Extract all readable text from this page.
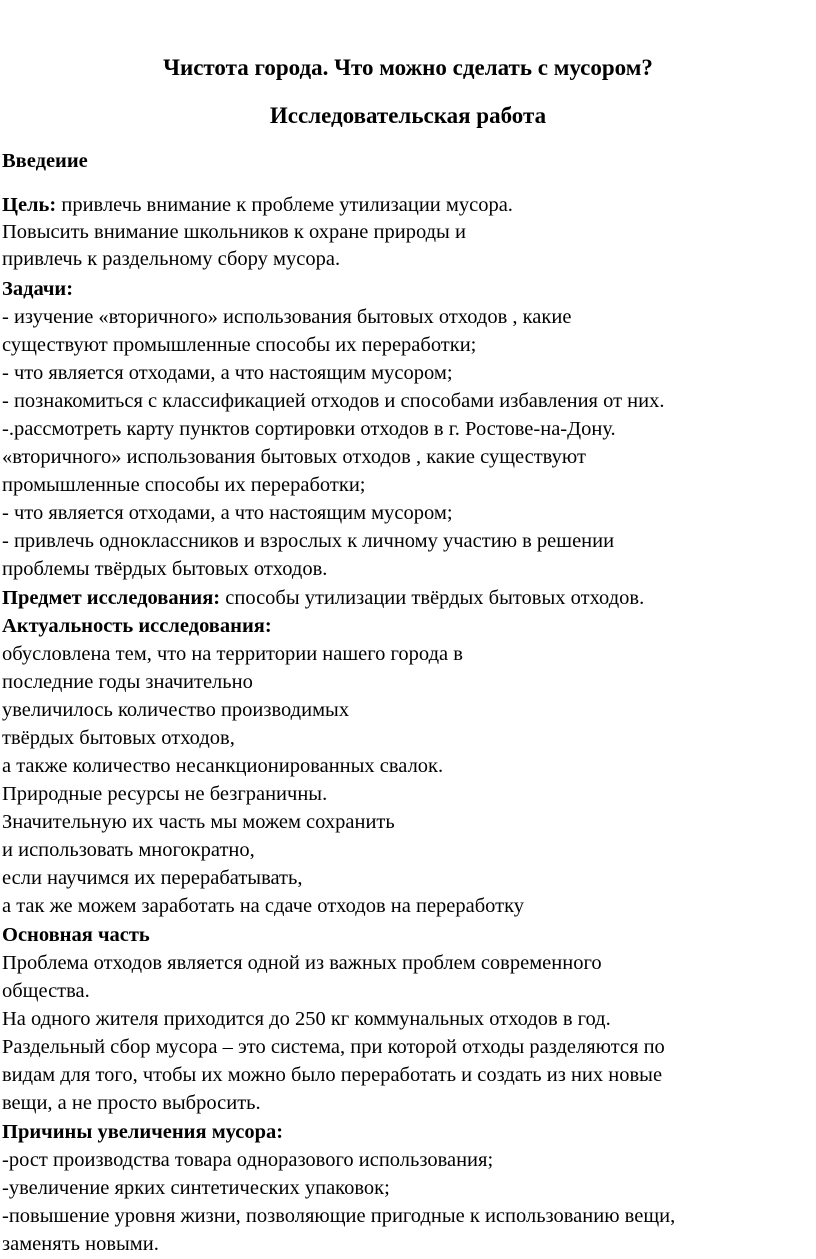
Чистота города. Что можно сделать с мусором?
Исследовательская работа
Введеиие
Цель: привлечь внимание к проблеме утилизации мусора.
Повысить внимание школьников к охране природы и
привлечь к раздельному сбору мусора.
Задачи:
- изучение «вторичного» использования бытовых отходов , какие
существуют промышленные способы их переработки;
- что является отходами, а что настоящим мусором;
- познакомиться с классификацией отходов и способами избавления от них.
-.рассмотреть карту пунктов сортировки отходов в г. Ростове-на-Дону.
«вторичного» использования бытовых отходов , какие существуют
промышленные способы их переработки;
- что является отходами, а что настоящим мусором;
- привлечь одноклассников и взрослых к личному участию в решении
проблемы твёрдых бытовых отходов.
Предмет исследования: способы утилизации твёрдых бытовых отходов.
Актуальность исследования:
обусловлена тем, что на территории нашего города в
последние годы значительно
увеличилось количество производимых
твёрдых бытовых отходов,
а также количество несанкционированных свалок.
Природные ресурсы не безграничны.
Значительную их часть мы можем сохранить
и использовать многократно,
если научимся их перерабатывать,
а так же можем заработать на сдаче отходов на переработку
Основная часть
Проблема отходов является одной из важных проблем современного
общества.
На одного жителя приходится до 250 кг коммунальных отходов в год.
Раздельный сбор мусора – это система, при которой отходы разделяются по
видам для того, чтобы их можно было переработать и создать из них новые
вещи, а не просто выбросить.
Причины увеличения мусора:
-рост производства товара одноразового использования;
-увеличение ярких синтетических упаковок;
-повышение уровня жизни, позволяющие пригодные к использованию вещи,
заменять новыми.
